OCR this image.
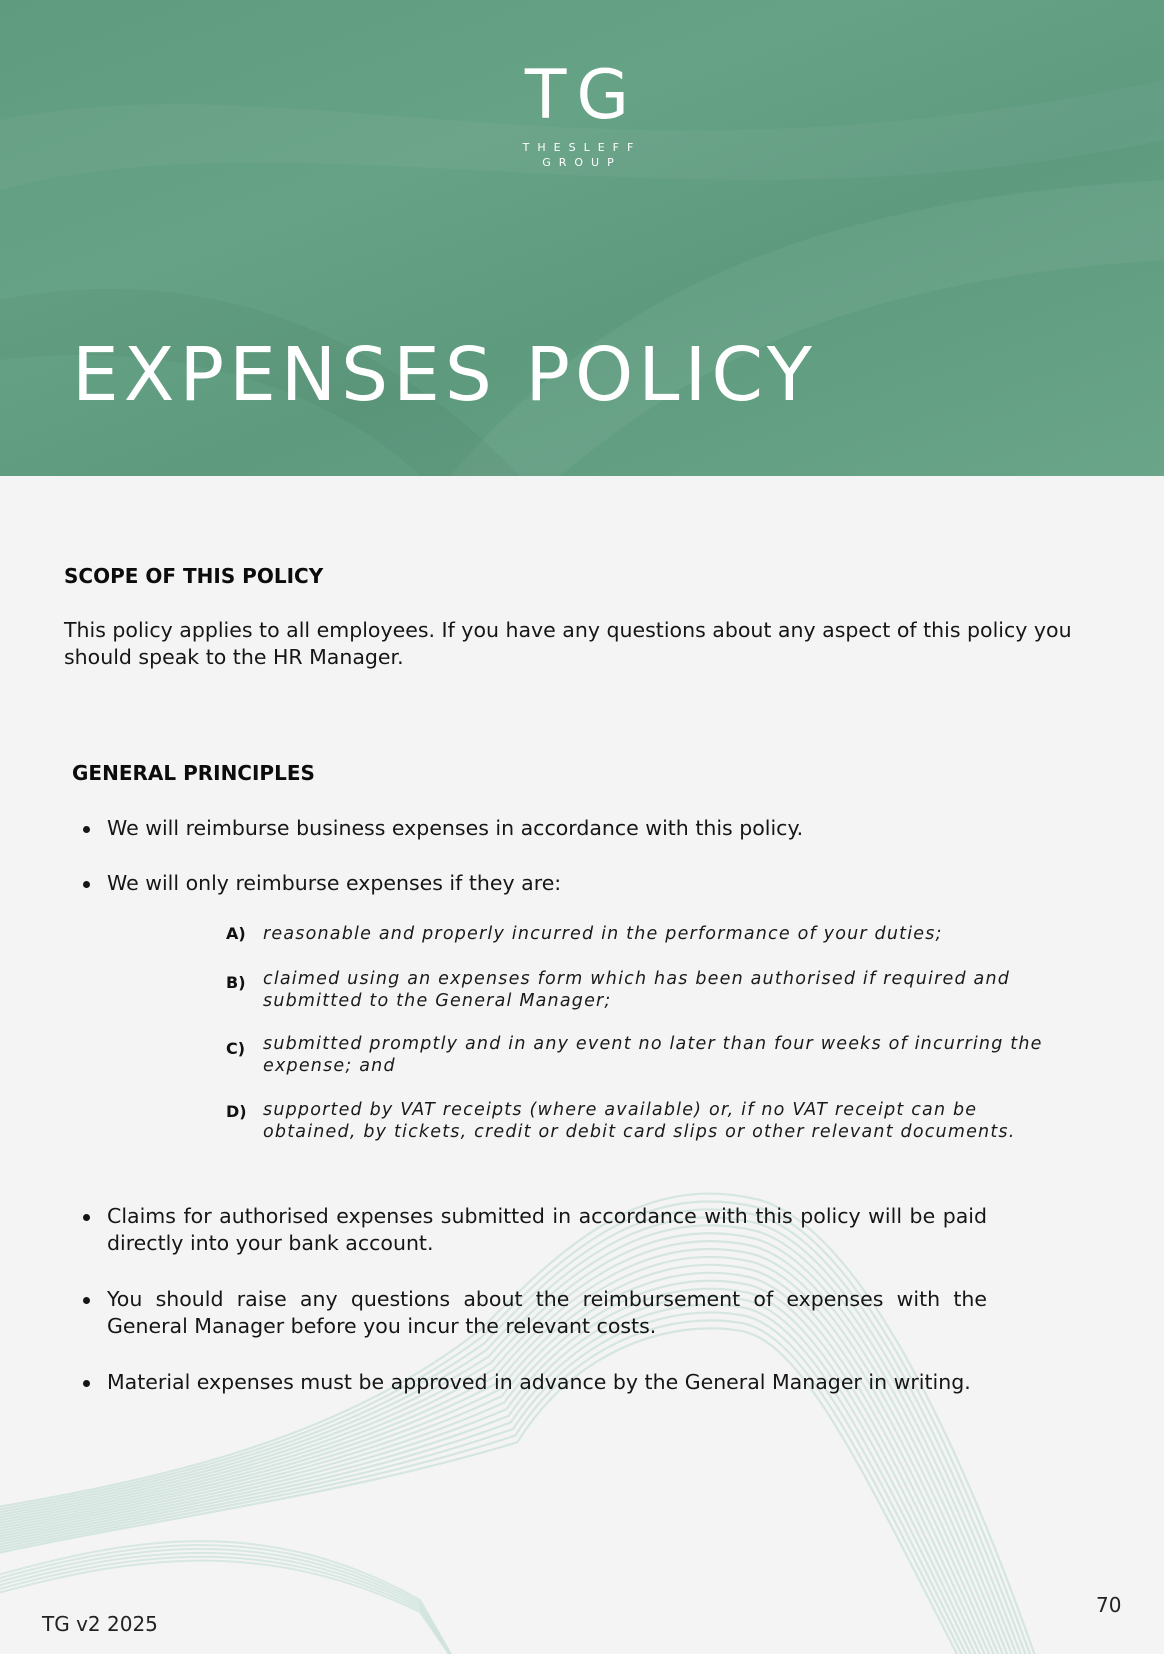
TG
THESLEFF
GROUP
EXPENSES POLICY
SCOPE OF THIS POLICY

This policy applies to all employees. If you have any questions about any aspect of this policy you should speak to the HR Manager.

GENERAL PRINCIPLES
We will reimburse business expenses in accordance with this policy.
We will only reimburse expenses if they are:
A) reasonable and properly incurred in the performance of your duties;
B) claimed using an expenses form which has been authorised if required and submitted to the General Manager;
C) submitted promptly and in any event no later than four weeks of incurring the expense; and
D) supported by VAT receipts (where available) or, if no VAT receipt can be obtained, by tickets, credit or debit card slips or other relevant documents.
Claims for authorised expenses submitted in accordance with this policy will be paid directly into your bank account.
You should raise any questions about the reimbursement of expenses with the General Manager before you incur the relevant costs.
Material expenses must be approved in advance by the General Manager in writing.
TG v2 2025
70
